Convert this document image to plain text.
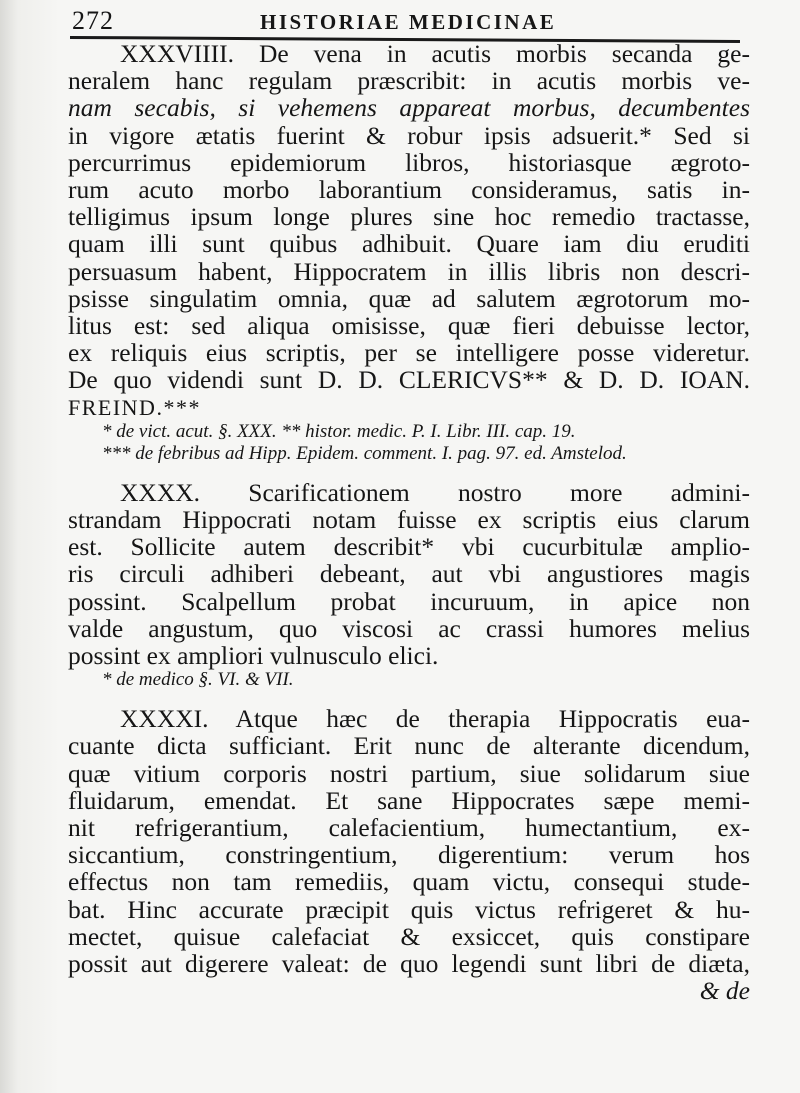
272	HISTORIAE MEDICINAE
XXXVIIII. De vena in acutis morbis secanda ge-
neralem hanc regulam præscribit: in acutis morbis ve-
nam secabis, si vehemens appareat morbus, decumbentes
in vigore ætatis fuerint & robur ipsis adsuerit.* Sed si
percurrimus epidemiorum libros, historiasque ægroto-
rum acuto morbo laborantium consideramus, satis in-
telligimus ipsum longe plures sine hoc remedio tractasse,
quam illi sunt quibus adhibuit. Quare iam diu eruditi
persuasum habent, Hippocratem in illis libris non descri-
psisse singulatim omnia, quæ ad salutem ægrotorum mo-
litus est: sed aliqua omisisse, quæ fieri debuisse lector,
ex reliquis eius scriptis, per se intelligere posse videretur.
De quo videndi sunt D. D. CLERICVS** & D. D. IOAN.
FREIND.***
* de vict. acut. §. XXX. ** histor. medic. P. I. Libr. III. cap. 19.
*** de febribus ad Hipp. Epidem. comment. I. pag. 97. ed. Amstelod.
XXXX. Scarificationem nostro more admini-
strandam Hippocrati notam fuisse ex scriptis eius clarum
est. Sollicite autem describit* vbi cucurbitulæ amplio-
ris circuli adhiberi debeant, aut vbi angustiores magis
possint. Scalpellum probat incuruum, in apice non
valde angustum, quo viscosi ac crassi humores melius
possint ex ampliori vulnusculo elici.
* de medico §. VI. & VII.
XXXXI. Atque hæc de therapia Hippocratis eua-
cuante dicta sufficiant. Erit nunc de alterante dicendum,
quæ vitium corporis nostri partium, siue solidarum siue
fluidarum, emendat. Et sane Hippocrates sæpe memi-
nit refrigerantium, calefacientium, humectantium, ex-
siccantium, constringentium, digerentium: verum hos
effectus non tam remediis, quam victu, consequi stude-
bat. Hinc accurate præcipit quis victus refrigeret & hu-
mectet, quisue calefaciat & exsiccet, quis constipare
possit aut digerere valeat: de quo legendi sunt libri de diæta,
& de
